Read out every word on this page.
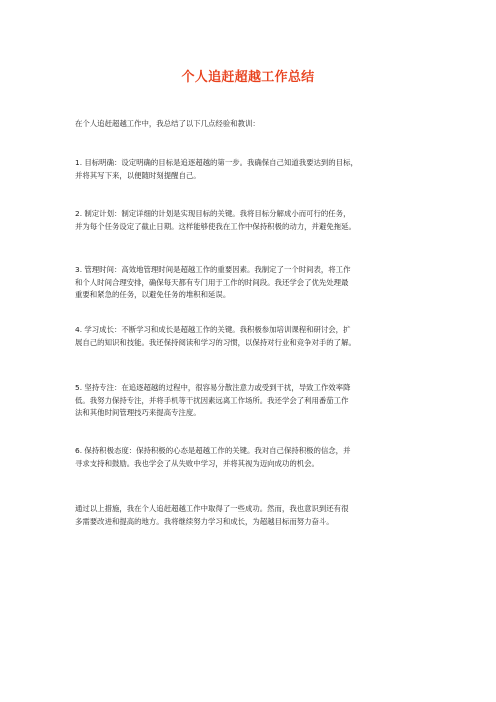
个人追赶超越工作总结
在个人追赶超越工作中，我总结了以下几点经验和教训：
1. 目标明确：设定明确的目标是追逐超越的第一步。我确保自己知道我要达到的目标，
并将其写下来，以便随时刻提醒自己。
2. 制定计划：制定详细的计划是实现目标的关键。我将目标分解成小而可行的任务，
并为每个任务设定了截止日期。这样能够使我在工作中保持积极的动力，并避免拖延。
3. 管理时间：高效地管理时间是超越工作的重要因素。我制定了一个时间表，将工作
和个人时间合理安排，确保每天都有专门用于工作的时间段。我还学会了优先处理最
重要和紧急的任务，以避免任务的堆积和延误。
4. 学习成长：不断学习和成长是超越工作的关键。我积极参加培训课程和研讨会，扩
展自己的知识和技能。我还保持阅读和学习的习惯，以保持对行业和竞争对手的了解。
5. 坚持专注：在追逐超越的过程中，很容易分散注意力或受到干扰，导致工作效率降
低。我努力保持专注，并将手机等干扰因素远离工作场所。我还学会了利用番茄工作
法和其他时间管理技巧来提高专注度。
6. 保持积极态度：保持积极的心态是超越工作的关键。我对自己保持积极的信念，并
寻求支持和鼓励。我也学会了从失败中学习，并将其视为迈向成功的机会。
通过以上措施，我在个人追赶超越工作中取得了一些成功。然而，我也意识到还有很
多需要改进和提高的地方。我将继续努力学习和成长，为超越目标而努力奋斗。
